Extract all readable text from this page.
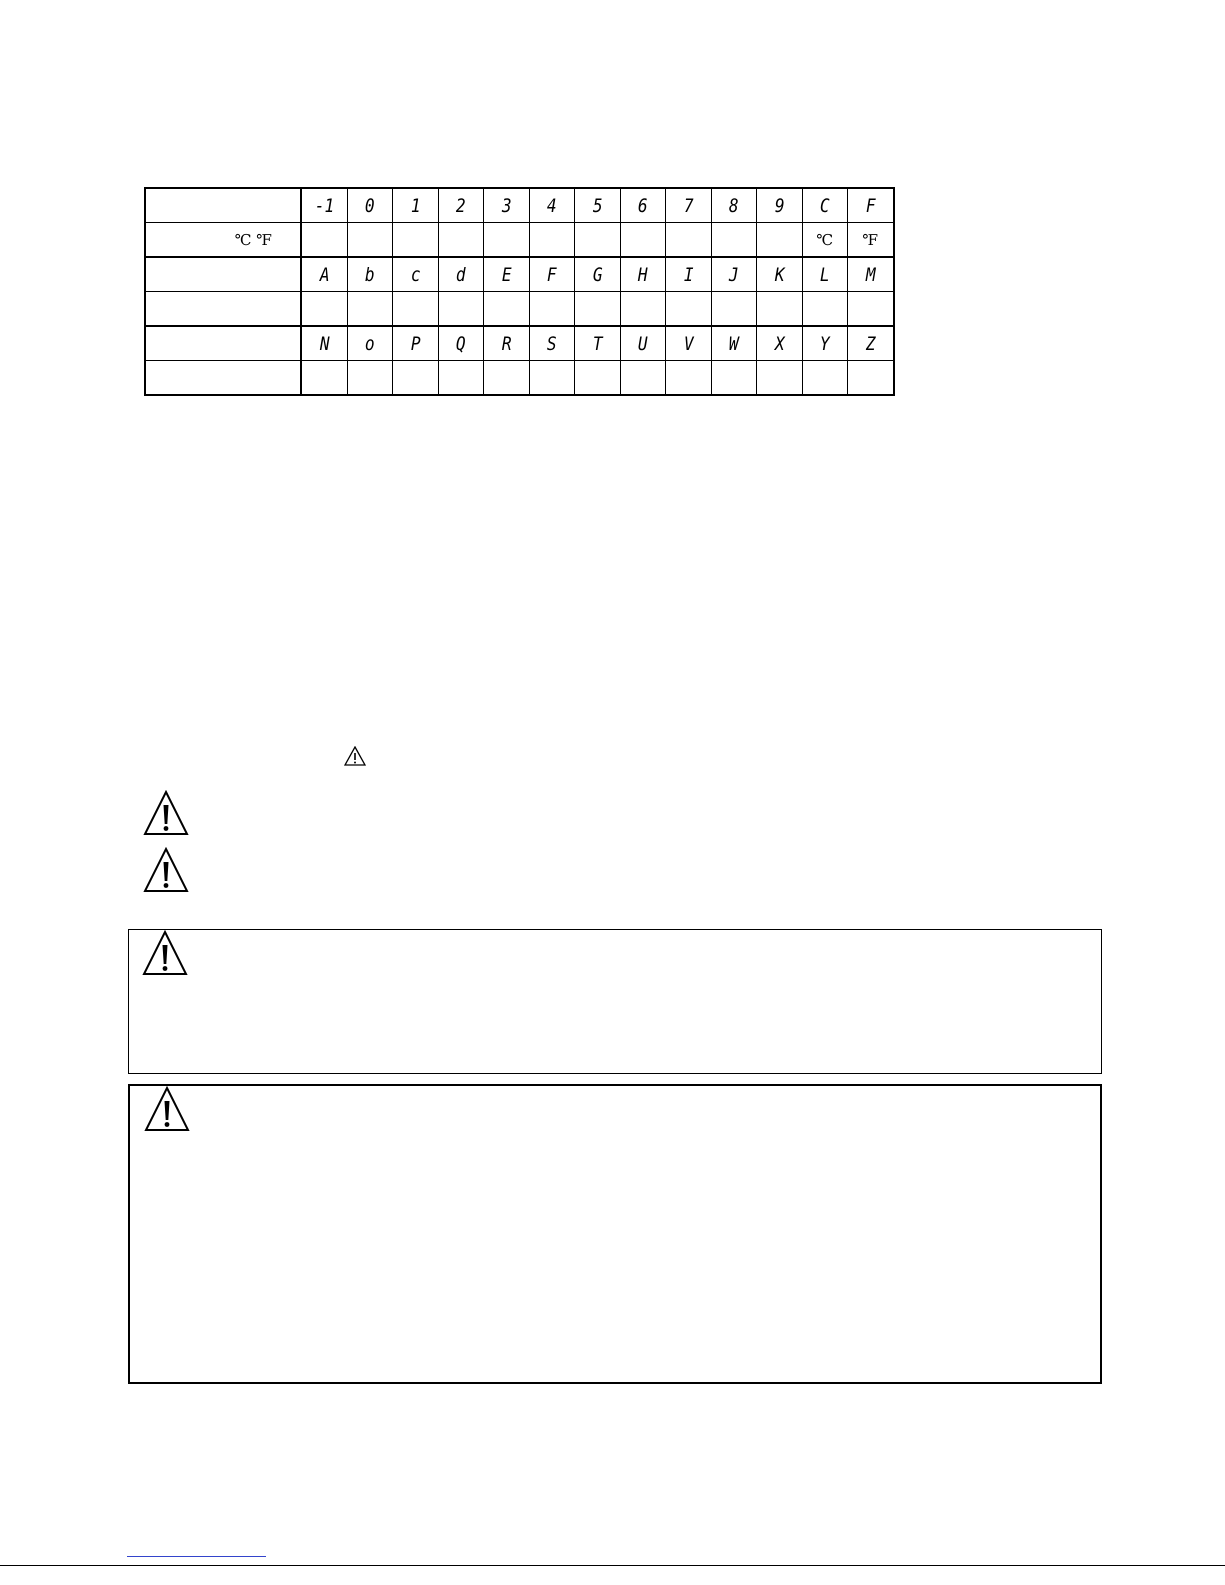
	-1	0	1	2	3	4	5	6	7	8	9	C	F
℃ ℉												℃	℉
	A	b	c	d	E	F	G	H	I	J	K	L	M

	N	o	P	Q	R	S	T	U	V	W	X	Y	Z
